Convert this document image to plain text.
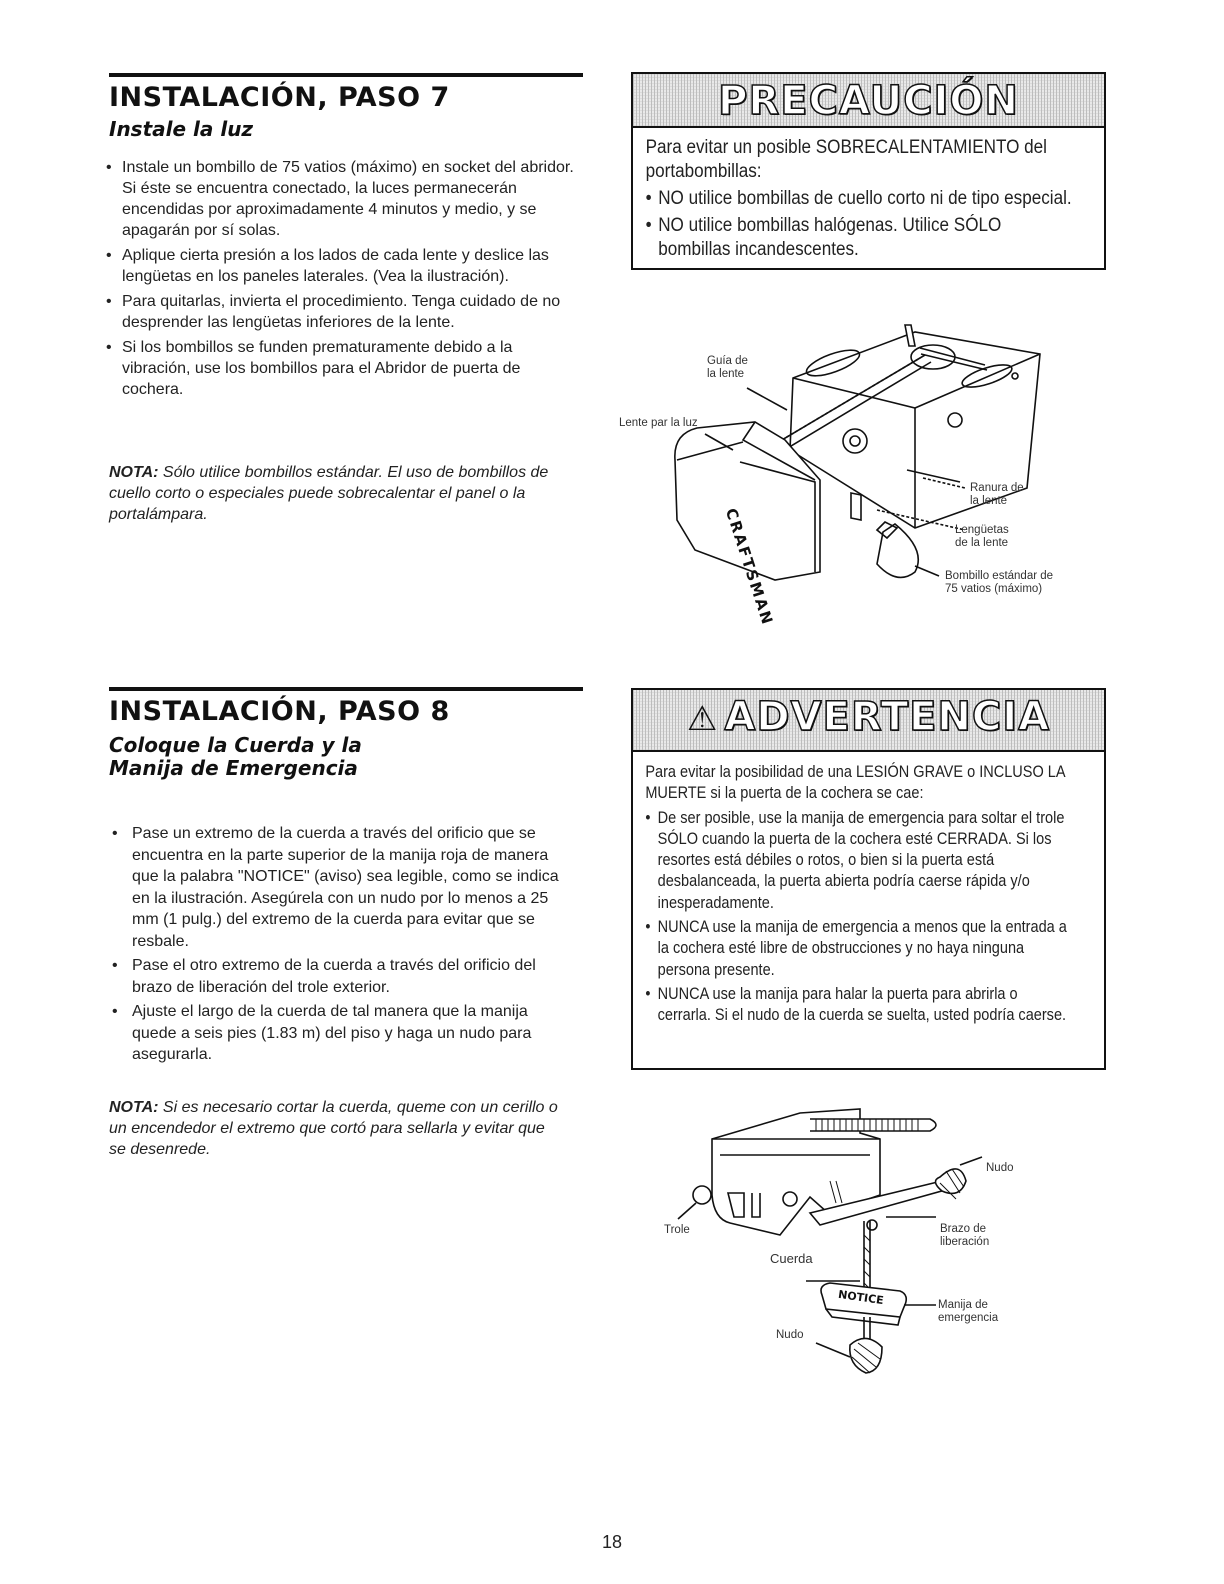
INSTALACIÓN, PASO 7
Instale la luz
• Instale un bombillo de 75 vatios (máximo) en socket del abridor. Si éste se encuentra conectado, la luces permanecerán encendidas por aproximadamente 4 minutos y medio, y se apagarán por sí solas.
• Aplique cierta presión a los lados de cada lente y deslice las lengüetas en los paneles laterales. (Vea la ilustración).
• Para quitarlas, invierta el procedimiento. Tenga cuidado de no desprender las lengüetas inferiores de la lente.
• Si los bombillos se funden prematuramente debido a la vibración, use los bombillos para el Abridor de puerta de cochera.

NOTA: Sólo utilice bombillos estándar. El uso de bombillos de cuello corto o especiales puede sobrecalentar el panel o la portalámpara.

PRECAUCIÓN

Para evitar un posible SOBRECALENTAMIENTO del portabombillas:

• NO utilice bombillas de cuello corto ni de tipo especial.

• NO utilice bombillas halógenas. Utilice SÓLO bombillas incandescentes.

CRAFTSMAN
Guía de la lente
Lente par la luz
Ranura de la lente
Lengüetas de la lente
Bombillo estándar de 75 vatios (máximo)
INSTALACIÓN, PASO 8
Coloque la Cuerda y la Manija de Emergencia
• Pase un extremo de la cuerda a través del orificio que se encuentra en la parte superior de la manija roja de manera que la palabra "NOTICE" (aviso) sea legible, como se indica en la ilustración. Asegúrela con un nudo por lo menos a 25 mm (1 pulg.) del extremo de la cuerda para evitar que se resbale.
• Pase el otro extremo de la cuerda a través del orificio del brazo de liberación del trole exterior.
• Ajuste el largo de la cuerda de tal manera que la manija quede a seis pies (1.83 m) del piso y haga un nudo para asegurarla.

NOTA: Si es necesario cortar la cuerda, queme con un cerillo o un encendedor el extremo que cortó para sellarla y evitar que se desenrede.

⚠ ADVERTENCIA

Para evitar la posibilidad de una LESIÓN GRAVE o INCLUSO LA MUERTE si la puerta de la cochera se cae:

• De ser posible, use la manija de emergencia para soltar el trole SÓLO cuando la puerta de la cochera esté CERRADA. Si los resortes está débiles o rotos, o bien si la puerta está desbalanceada, la puerta abierta podría caerse rápida y/o inesperadamente.

• NUNCA use la manija de emergencia a menos que la entrada a la cochera esté libre de obstrucciones y no haya ninguna persona presente.

• NUNCA use la manija para halar la puerta para abrirla o cerrarla. Si el nudo de la cuerda se suelta, usted podría caerse.

NOTICE
Nudo
Trole	Brazo de liberación
Cuerda
Manija de emergencia
Nudo
18
